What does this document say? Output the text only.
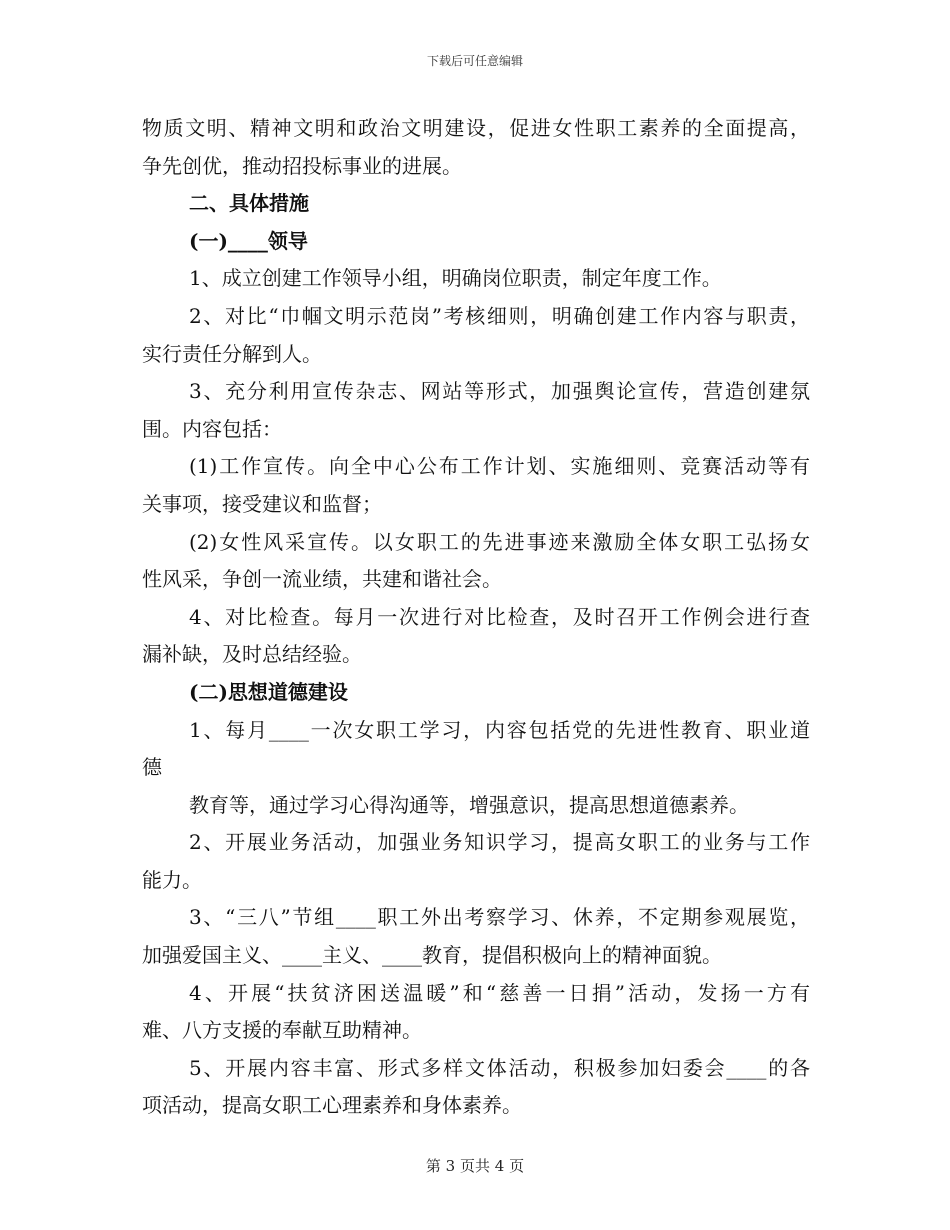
下载后可任意编辑
物质文明、精神文明和政治文明建设，促进女性职工素养的全面提高，
争先创优，推动招投标事业的进展。
二、具体措施
(一)____领导
1、成立创建工作领导小组，明确岗位职责，制定年度工作。
2、对比“巾帼文明示范岗”考核细则，明确创建工作内容与职责，
实行责任分解到人。
3、充分利用宣传杂志、网站等形式，加强舆论宣传，营造创建氛
围。内容包括：
(1)工作宣传。向全中心公布工作计划、实施细则、竞赛活动等有
关事项，接受建议和监督；
(2)女性风采宣传。以女职工的先进事迹来激励全体女职工弘扬女
性风采，争创一流业绩，共建和谐社会。
4、对比检查。每月一次进行对比检查，及时召开工作例会进行查
漏补缺，及时总结经验。
(二)思想道德建设
1、每月____一次女职工学习，内容包括党的先进性教育、职业道
德
教育等，通过学习心得沟通等，增强意识，提高思想道德素养。
2、开展业务活动，加强业务知识学习，提高女职工的业务与工作
能力。
3、“三八”节组____职工外出考察学习、休养，不定期参观展览，
加强爱国主义、____主义、____教育，提倡积极向上的精神面貌。
4、开展“扶贫济困送温暖”和“慈善一日捐”活动，发扬一方有
难、八方支援的奉献互助精神。
5、开展内容丰富、形式多样文体活动，积极参加妇委会____的各
项活动，提高女职工心理素养和身体素养。
第 3 页共 4 页
